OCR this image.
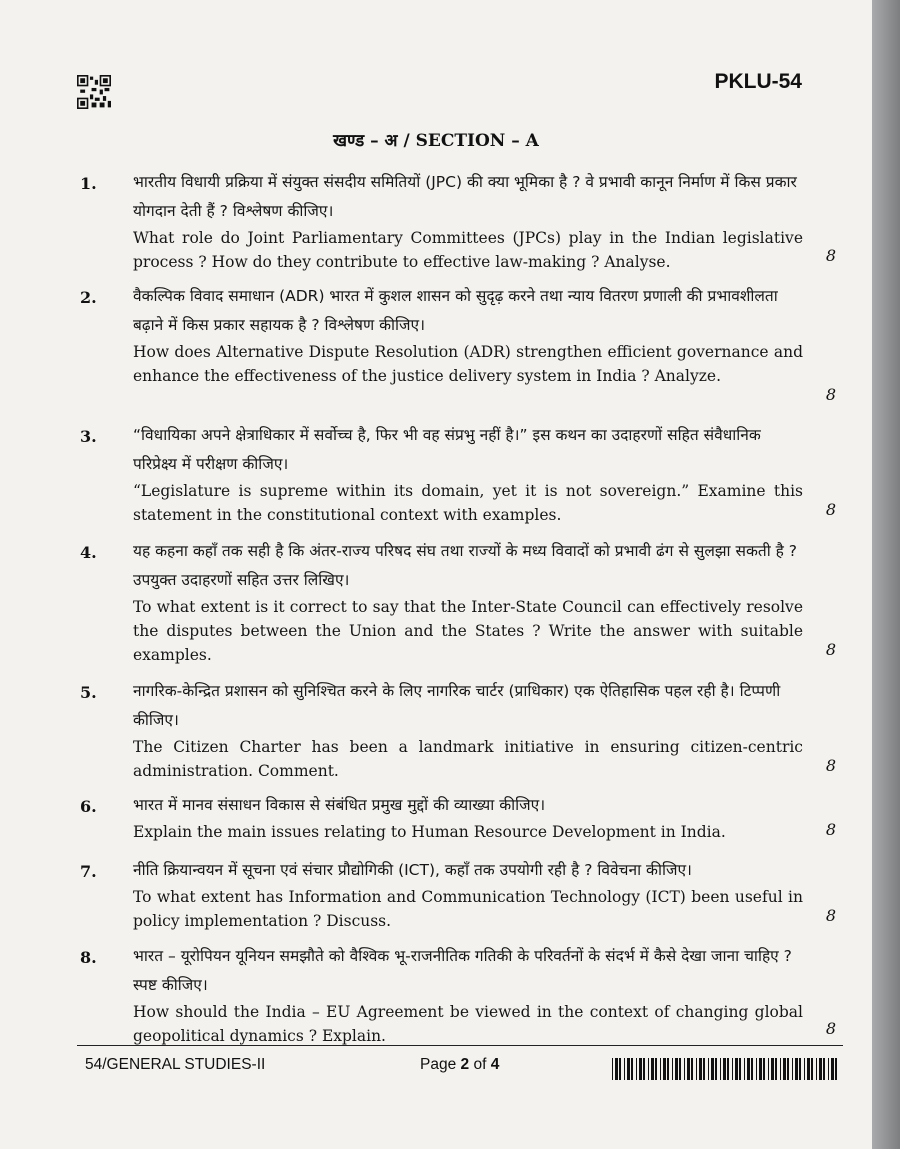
PKLU-54
खण्ड – अ / SECTION – A
1. भारतीय विधायी प्रक्रिया में संयुक्त संसदीय समितियों (JPC) की क्या भूमिका है ? वे प्रभावी कानून निर्माण में किस प्रकार योगदान देती हैं ? विश्लेषण कीजिए।

What role do Joint Parliamentary Committees (JPCs) play in the Indian legislative process ? How do they contribute to effective law-making ? Analyse.	8
2. वैकल्पिक विवाद समाधान (ADR) भारत में कुशल शासन को सुदृढ़ करने तथा न्याय वितरण प्रणाली की प्रभावशीलता बढ़ाने में किस प्रकार सहायक है ? विश्लेषण कीजिए।

How does Alternative Dispute Resolution (ADR) strengthen efficient governance and enhance the effectiveness of the justice delivery system in India ? Analyze.

8
3. “विधायिका अपने क्षेत्राधिकार में सर्वोच्च है, फिर भी वह संप्रभु नहीं है।” इस कथन का उदाहरणों सहित संवैधानिक परिप्रेक्ष्य में परीक्षण कीजिए।

“Legislature is supreme within its domain, yet it is not sovereign.” Examine this statement in the constitutional context with examples.	8
4. यह कहना कहाँ तक सही है कि अंतर-राज्य परिषद संघ तथा राज्यों के मध्य विवादों को प्रभावी ढंग से सुलझा सकती है ? उपयुक्त उदाहरणों सहित उत्तर लिखिए।

To what extent is it correct to say that the Inter-State Council can effectively resolve the disputes between the Union and the States ? Write the answer with suitable examples.	8
5. नागरिक-केन्द्रित प्रशासन को सुनिश्चित करने के लिए नागरिक चार्टर (प्राधिकार) एक ऐतिहासिक पहल रही है। टिप्पणी कीजिए।

The Citizen Charter has been a landmark initiative in ensuring citizen-centric administration. Comment.	8
6. भारत में मानव संसाधन विकास से संबंधित प्रमुख मुद्दों की व्याख्या कीजिए।

Explain the main issues relating to Human Resource Development in India.	8
7. नीति क्रियान्वयन में सूचना एवं संचार प्रौद्योगिकी (ICT), कहाँ तक उपयोगी रही है ? विवेचना कीजिए।

To what extent has Information and Communication Technology (ICT) been useful in policy implementation ? Discuss.	8
8. भारत – यूरोपियन यूनियन समझौते को वैश्विक भू-राजनीतिक गतिकी के परिवर्तनों के संदर्भ में कैसे देखा जाना चाहिए ? स्पष्ट कीजिए।

How should the India – EU Agreement be viewed in the context of changing global geopolitical dynamics ? Explain.	8
54/GENERAL STUDIES-II	Page 2 of 4
